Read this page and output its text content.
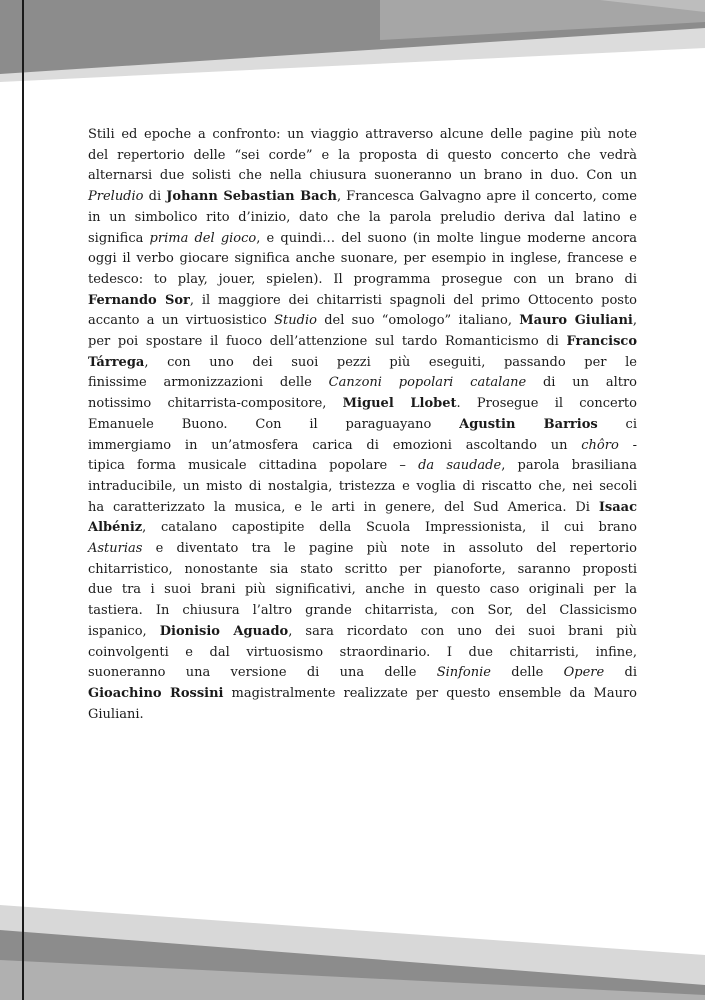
Stili ed epoche a confronto: un viaggio attraverso alcune delle pagine più note
del repertorio delle “sei corde” e la proposta di questo concerto che vedrà
alternarsi due solisti che nella chiusura suoneranno un brano in duo. Con un
Preludio di Johann Sebastian Bach, Francesca Galvagno apre il concerto, come
in un simbolico rito d’inizio, dato che la parola preludio deriva dal latino e
significa prima del gioco, e quindi… del suono (in molte lingue moderne ancora
oggi il verbo giocare significa anche suonare, per esempio in inglese, francese e
tedesco: to play, jouer, spielen). Il programma prosegue con un brano di
Fernando Sor, il maggiore dei chitarristi spagnoli del primo Ottocento posto
accanto a un virtuosistico Studio del suo “omologo” italiano, Mauro Giuliani,
per poi spostare il fuoco dell’attenzione sul tardo Romanticismo di Francisco
Tárrega, con uno dei suoi pezzi più eseguiti, passando per le
finissime armonizzazioni delle Canzoni popolari catalane di un altro
notissimo chitarrista-compositore, Miguel Llobet. Prosegue il concerto
Emanuele Buono. Con il paraguayano Agustin Barrios ci
immergiamo in un’atmosfera carica di emozioni ascoltando un chôro -
tipica forma musicale cittadina popolare – da saudade, parola brasiliana
intraducibile, un misto di nostalgia, tristezza e voglia di riscatto che, nei secoli
ha caratterizzato la musica, e le arti in genere, del Sud America. Di Isaac
Albéniz, catalano capostipite della Scuola Impressionista, il cui brano
Asturias e diventato tra le pagine più note in assoluto del repertorio
chitarristico, nonostante sia stato scritto per pianoforte, saranno proposti
due tra i suoi brani più significativi, anche in questo caso originali per la
tastiera. In chiusura l’altro grande chitarrista, con Sor, del Classicismo
ispanico, Dionisio Aguado, sara ricordato con uno dei suoi brani più
coinvolgenti e dal virtuosismo straordinario. I due chitarristi, infine,
suoneranno una versione di una delle Sinfonie delle Opere di
Gioachino Rossini magistralmente realizzate per questo ensemble da Mauro
Giuliani.
